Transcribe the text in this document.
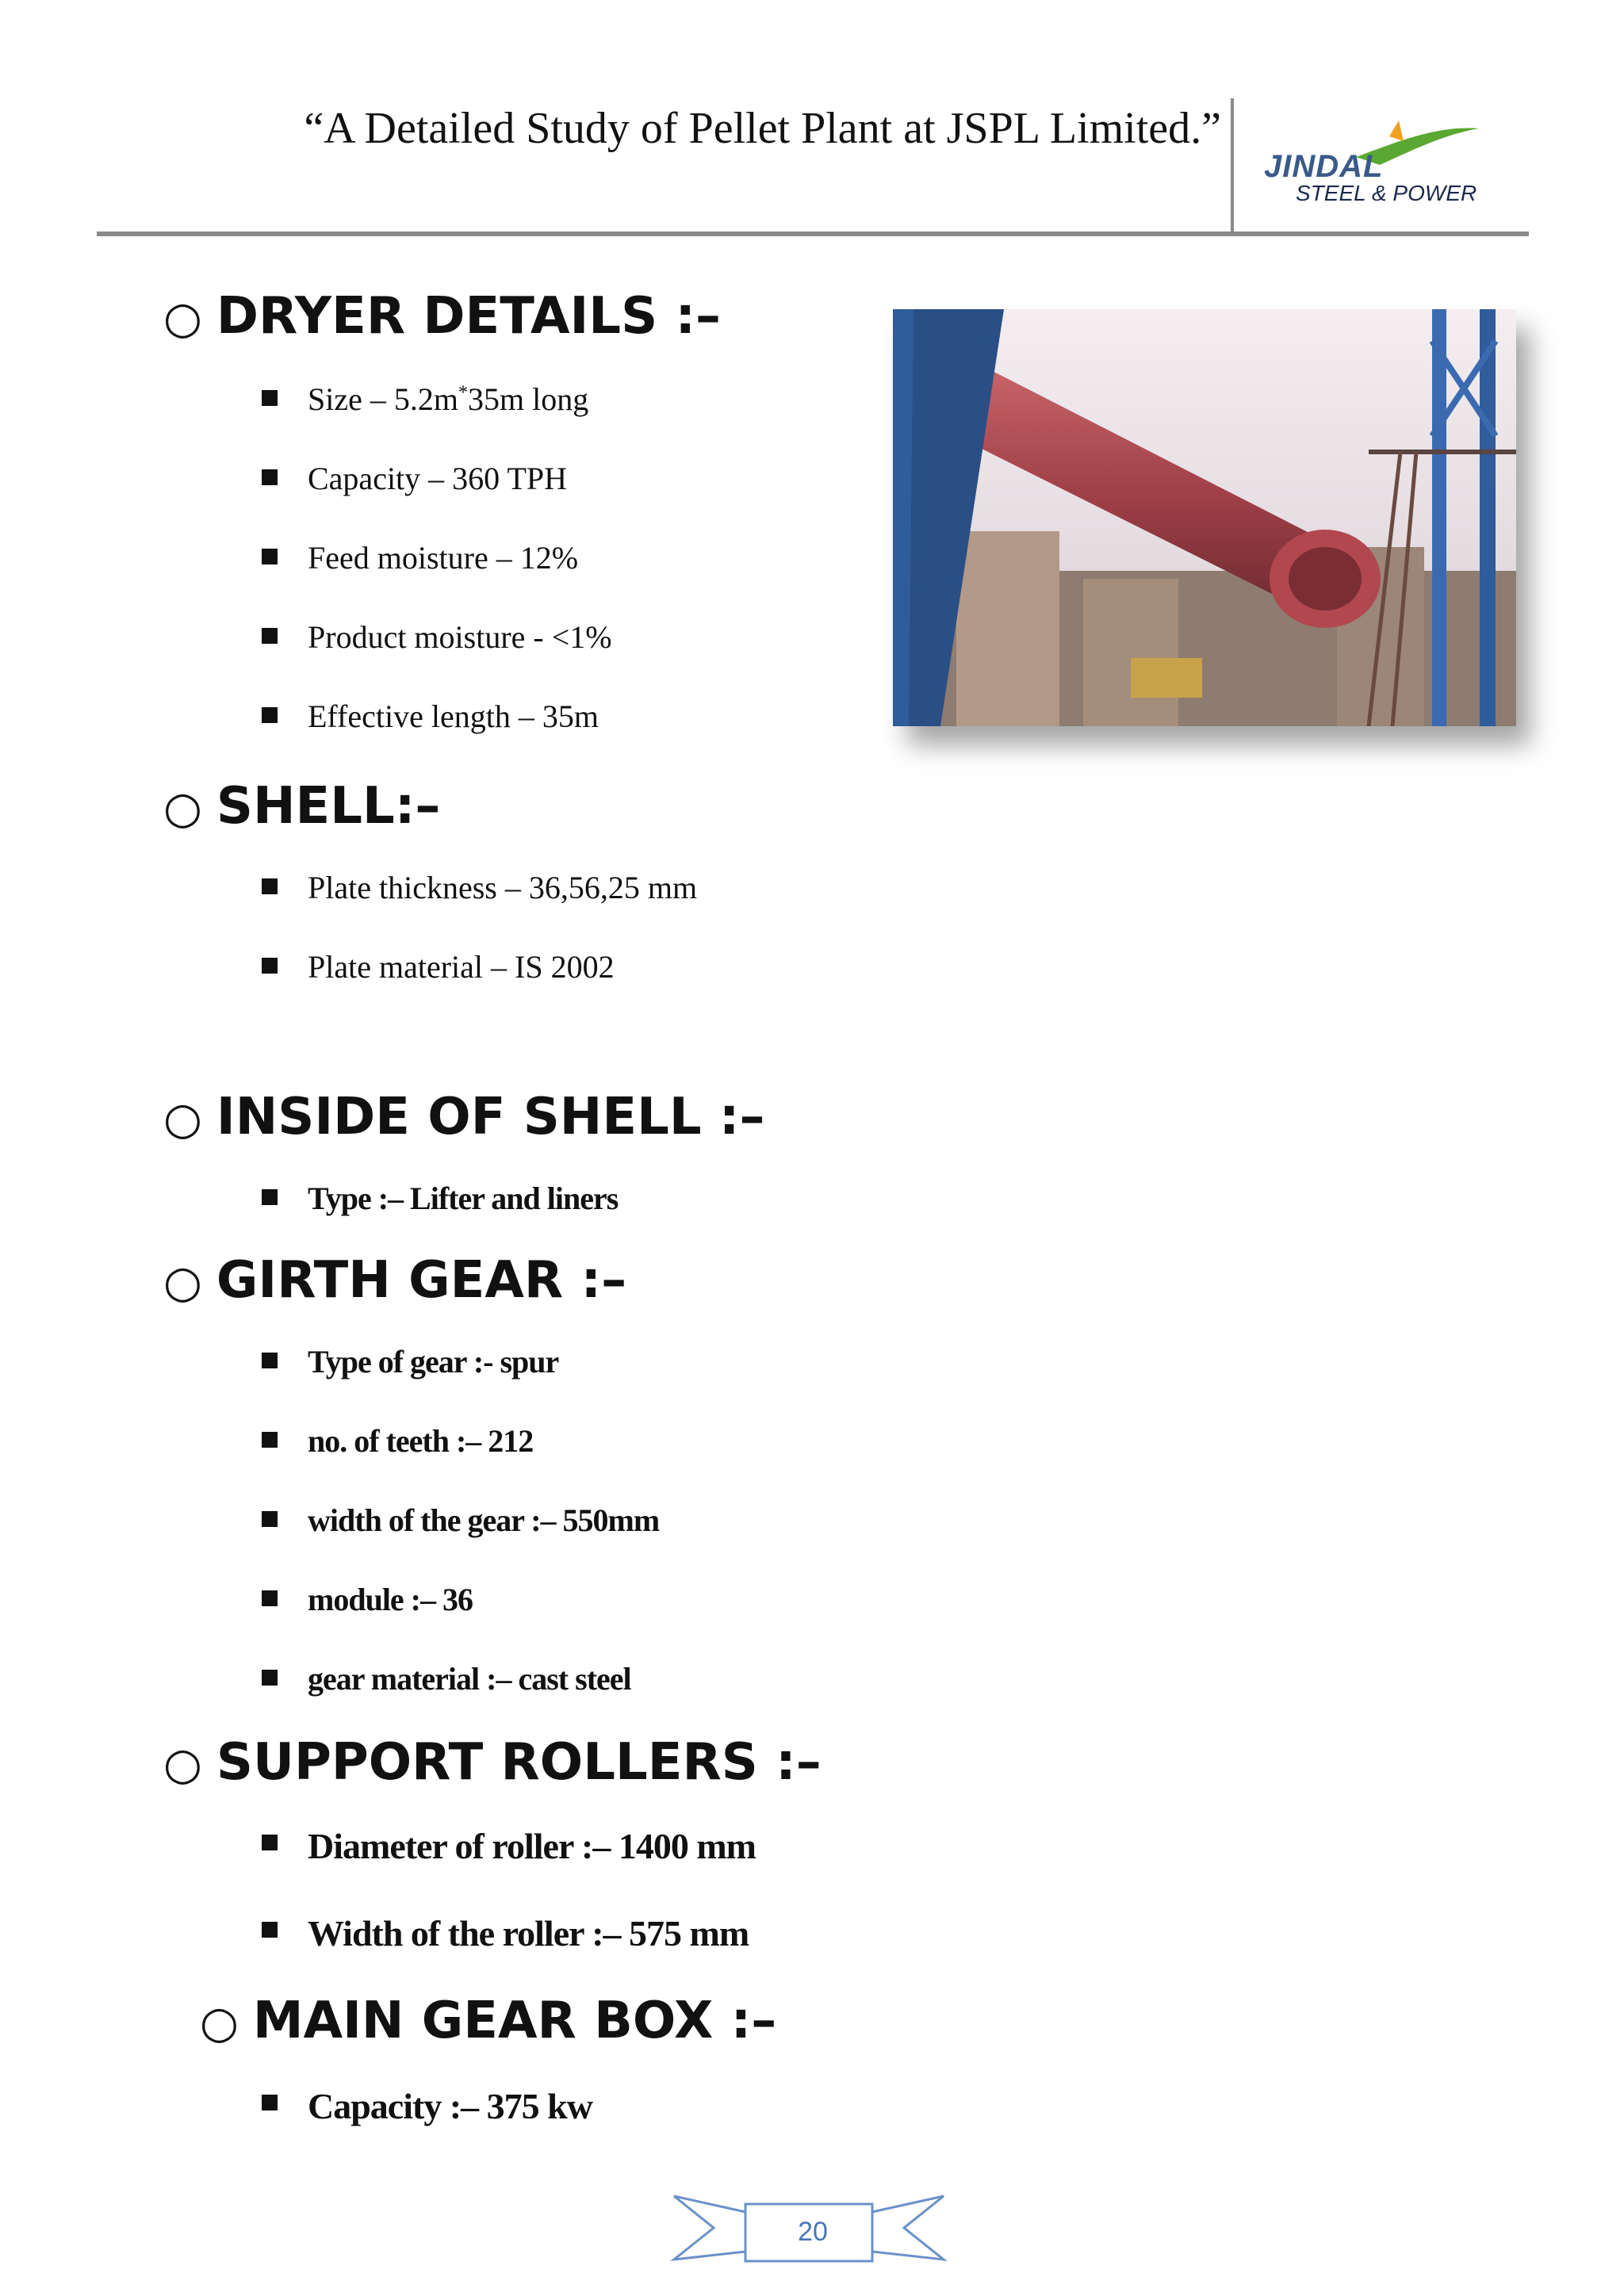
“A Detailed Study of Pellet Plant at JSPL Limited.”
JINDAL
STEEL & POWER
○ DRYER DETAILS :–
Size – 5.2m*35m long
Capacity – 360 TPH
Feed moisture – 12%
Product moisture - <1%
Effective length – 35m
○ SHELL:–
Plate thickness – 36,56,25 mm
Plate material – IS 2002
○ INSIDE OF SHELL :–
Type :– Lifter and liners
○ GIRTH GEAR :–
Type of gear :- spur
no. of teeth :– 212
width of the gear :– 550mm
module :– 36
gear material :– cast steel
○ SUPPORT ROLLERS :–
Diameter of roller :– 1400 mm
Width of the roller :– 575 mm
○ MAIN GEAR BOX :–
Capacity :– 375 kw
20
